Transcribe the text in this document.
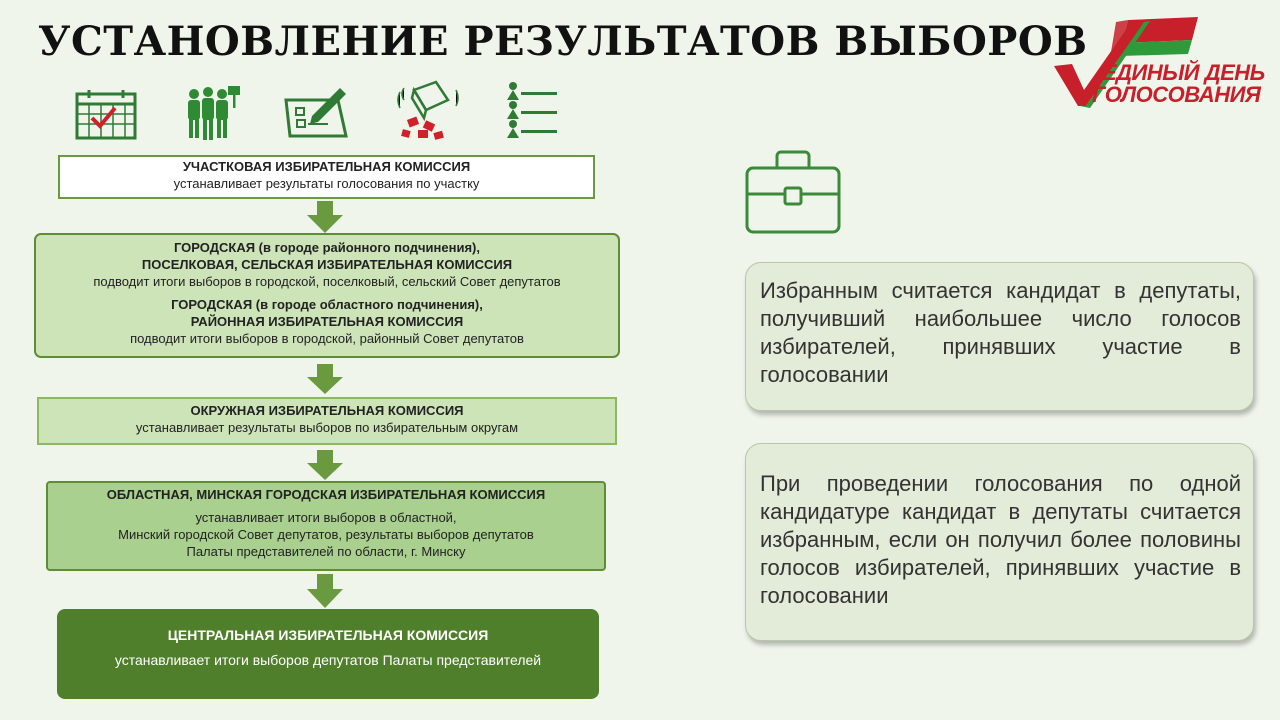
УСТАНОВЛЕНИЕ РЕЗУЛЬТАТОВ ВЫБОРОВ
ЕДИНЫЙ ДЕНЬ
ГОЛОСОВАНИЯ
УЧАСТКОВАЯ ИЗБИРАТЕЛЬНАЯ КОМИССИЯ
устанавливает результаты голосования по участку
ГОРОДСКАЯ (в городе районного подчинения),
ПОСЕЛКОВАЯ, СЕЛЬСКАЯ ИЗБИРАТЕЛЬНАЯ КОМИССИЯ
подводит итоги выборов в городской, поселковый, сельский Совет депутатов
ГОРОДСКАЯ (в городе областного подчинения),
РАЙОННАЯ ИЗБИРАТЕЛЬНАЯ КОМИССИЯ
подводит итоги выборов в городской, районный Совет депутатов
ОКРУЖНАЯ ИЗБИРАТЕЛЬНАЯ КОМИССИЯ
устанавливает результаты выборов по избирательным округам
ОБЛАСТНАЯ, МИНСКАЯ ГОРОДСКАЯ ИЗБИРАТЕЛЬНАЯ КОМИССИЯ
устанавливает итоги выборов в областной,
Минский городской Совет депутатов, результаты выборов депутатов
Палаты представителей по области, г. Минску
ЦЕНТРАЛЬНАЯ ИЗБИРАТЕЛЬНАЯ КОМИССИЯ
устанавливает итоги выборов депутатов Палаты представителей
Избранным считается кандидат в депутаты, получивший наибольшее число голосов избирателей, принявших участие в голосовании
При проведении голосования по одной кандидатуре кандидат в депутаты считается избранным, если он получил более половины голосов избирателей, принявших участие в голосовании
